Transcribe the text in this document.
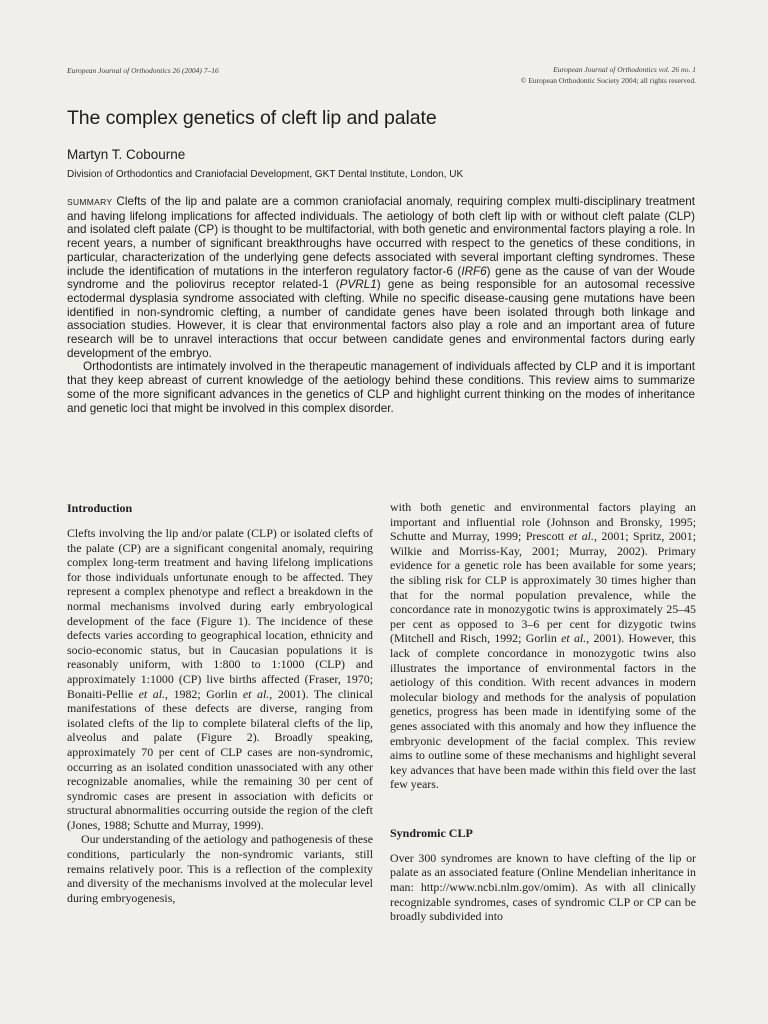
European Journal of Orthodontics 26 (2004) 7–16	European Journal of Orthodontics vol. 26 no. 1
© European Orthodontic Society 2004; all rights reserved.
The complex genetics of cleft lip and palate
Martyn T. Cobourne
Division of Orthodontics and Craniofacial Development, GKT Dental Institute, London, UK

SUMMARY Clefts of the lip and palate are a common craniofacial anomaly, requiring complex multi-disciplinary treatment and having lifelong implications for affected individuals. The aetiology of both cleft lip with or without cleft palate (CLP) and isolated cleft palate (CP) is thought to be multifactorial, with both genetic and environmental factors playing a role. In recent years, a number of significant breakthroughs have occurred with respect to the genetics of these conditions, in particular, characterization of the underlying gene defects associated with several important clefting syndromes. These include the identification of mutations in the interferon regulatory factor-6 (IRF6) gene as the cause of van der Woude syndrome and the poliovirus receptor related-1 (PVRL1) gene as being responsible for an autosomal recessive ectodermal dysplasia syndrome associated with clefting. While no specific disease-causing gene mutations have been identified in non-syndromic clefting, a number of candidate genes have been isolated through both linkage and association studies. However, it is clear that environmental factors also play a role and an important area of future research will be to unravel interactions that occur between candidate genes and environmental factors during early development of the embryo.

Orthodontists are intimately involved in the therapeutic management of individuals affected by CLP and it is important that they keep abreast of current knowledge of the aetiology behind these conditions. This review aims to summarize some of the more significant advances in the genetics of CLP and highlight current thinking on the modes of inheritance and genetic loci that might be involved in this complex disorder.

Introduction

Clefts involving the lip and/or palate (CLP) or isolated clefts of the palate (CP) are a significant congenital anomaly, requiring complex long-term treatment and having lifelong implications for those individuals unfortunate enough to be affected. They represent a complex phenotype and reflect a breakdown in the normal mechanisms involved during early embryological development of the face (Figure 1). The incidence of these defects varies according to geographical location, ethnicity and socio-economic status, but in Caucasian populations it is reasonably uniform, with 1:800 to 1:1000 (CLP) and approximately 1:1000 (CP) live births affected (Fraser, 1970; Bonaiti-Pellie et al., 1982; Gorlin et al., 2001). The clinical manifestations of these defects are diverse, ranging from isolated clefts of the lip to complete bilateral clefts of the lip, alveolus and palate (Figure 2). Broadly speaking, approximately 70 per cent of CLP cases are non-syndromic, occurring as an isolated condition unassociated with any other recognizable anomalies, while the remaining 30 per cent of syndromic cases are present in association with deficits or structural abnormalities occurring outside the region of the cleft (Jones, 1988; Schutte and Murray, 1999).

Our understanding of the aetiology and pathogenesis of these conditions, particularly the non-syndromic variants, still remains relatively poor. This is a reflection of the complexity and diversity of the mechanisms involved at the molecular level during embryogenesis,

with both genetic and environmental factors playing an important and influential role (Johnson and Bronsky, 1995; Schutte and Murray, 1999; Prescott et al., 2001; Spritz, 2001; Wilkie and Morriss-Kay, 2001; Murray, 2002). Primary evidence for a genetic role has been available for some years; the sibling risk for CLP is approximately 30 times higher than that for the normal population prevalence, while the concordance rate in monozygotic twins is approximately 25–45 per cent as opposed to 3–6 per cent for dizygotic twins (Mitchell and Risch, 1992; Gorlin et al., 2001). However, this lack of complete concordance in monozygotic twins also illustrates the importance of environmental factors in the aetiology of this condition. With recent advances in modern molecular biology and methods for the analysis of population genetics, progress has been made in identifying some of the genes associated with this anomaly and how they influence the embryonic development of the facial complex. This review aims to outline some of these mechanisms and highlight several key advances that have been made within this field over the last few years.

Syndromic CLP

Over 300 syndromes are known to have clefting of the lip or palate as an associated feature (Online Mendelian inheritance in man: http://www.ncbi.nlm.gov/omim). As with all clinically recognizable syndromes, cases of syndromic CLP or CP can be broadly subdivided into
